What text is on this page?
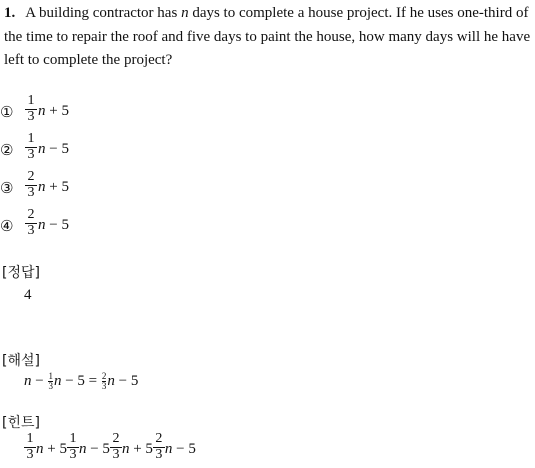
1. A building contractor has n days to complete a house project. If he uses one-third of the time to repair the roof and five days to paint the house, how many days will he have left to complete the project?
①
1
3 n + 5
②
1
3 n − 5
③
2
3 n + 5
④
2
3 n − 5
[정답]
4
[해설]
$n - \frac{1}{3}$ $n - 5 = \frac{2}{3}$ n − 5
[힌트]
$\frac{1}{3}$ $n + 5 \frac{1}{3}$ $n - 5 \frac{2}{3}$ $n + 5 \frac{2}{3}$ n − 5
